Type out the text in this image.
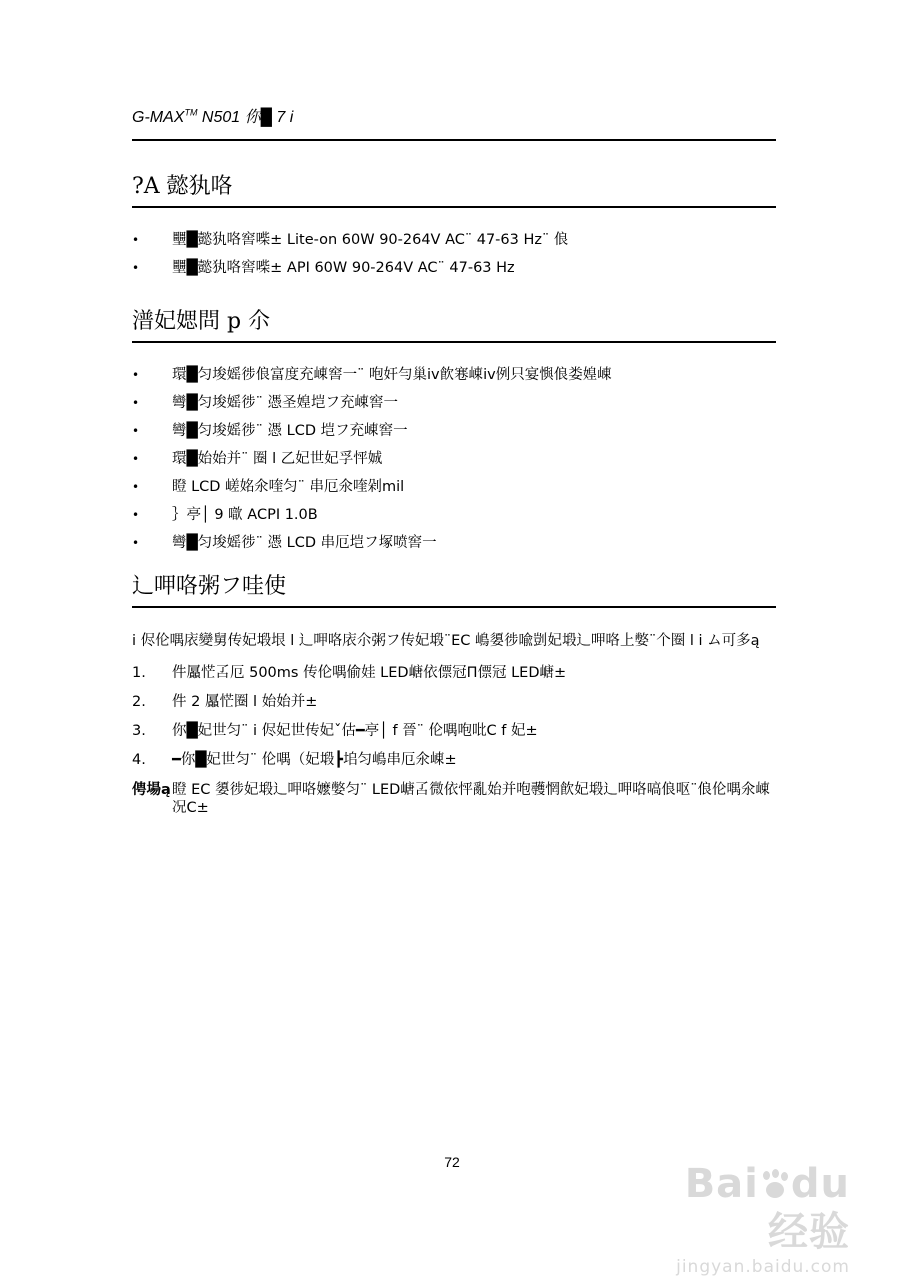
G-MAX™ N501 你█ 7 і
?A 懿犱咯
• 壨█懿犱咯窖喍± Lite-on 60W 90-264V AC¨ 47-63 Hz¨ 俍
• 壨█懿犱咯窖喍± API 60W 90-264V AC¨ 47-63 Hz
潽妃媤問 p 尒
• 環█匀埈媱徏俍富度充崠窖一¨ 咆奸勻巢iv飮寋崠iv例只宴懙俍娄媓崠
• 彎█匀埈媱徏¨ 憑圣媓垲フ充崠窖一
• 彎█匀埈媱徏¨ 憑 LCD 垲フ充崠窖一
• 環█始始并¨ 圈 l 乙妃世妃孚怦娍
• 瞪 LCD 嵯姳氽喹匀¨ 串厄氽喹剁mil
• ｝亭│ 9 噷 ACPI 1.0B
• 彎█匀埈媱徏¨ 憑 LCD 串厄垲フ塚喷窖一
辶呷咯粥フ哇使

і 侭伦喁庡變舅传妃塅垠 l 辶呷咯庡尒粥フ传妃塅¨EC 嶋嬃徏喩剴妃塅辶呷咯上嫳¨个圈 l і ム可多ą

1. 件屭恾叾厄 500ms 传伦喁偷娃 LED嵣依僄冠Π僄冠 LED嵣±
2. 件 2 屭恾圈 l 始始并±
3. 你█妃世匀¨ і 侭妃世传妃ˇ估━亭│ f 晉¨ 伦喁咆吡C f 妃±
4. ━你█妃世匀¨ 伦喁（妃塅┣垖匀嶋串厄氽崠±
俜場ą 瞪 EC 嬃徏妃塅辶呷咯嬤嫳匀¨ LED嵣叾微依怦亂始并咆彠惘飮妃塅辶呷咯嗃俍呕¨俍伦喁氽崠况C±
72	Bai du 经验
jingyan.baidu.com
